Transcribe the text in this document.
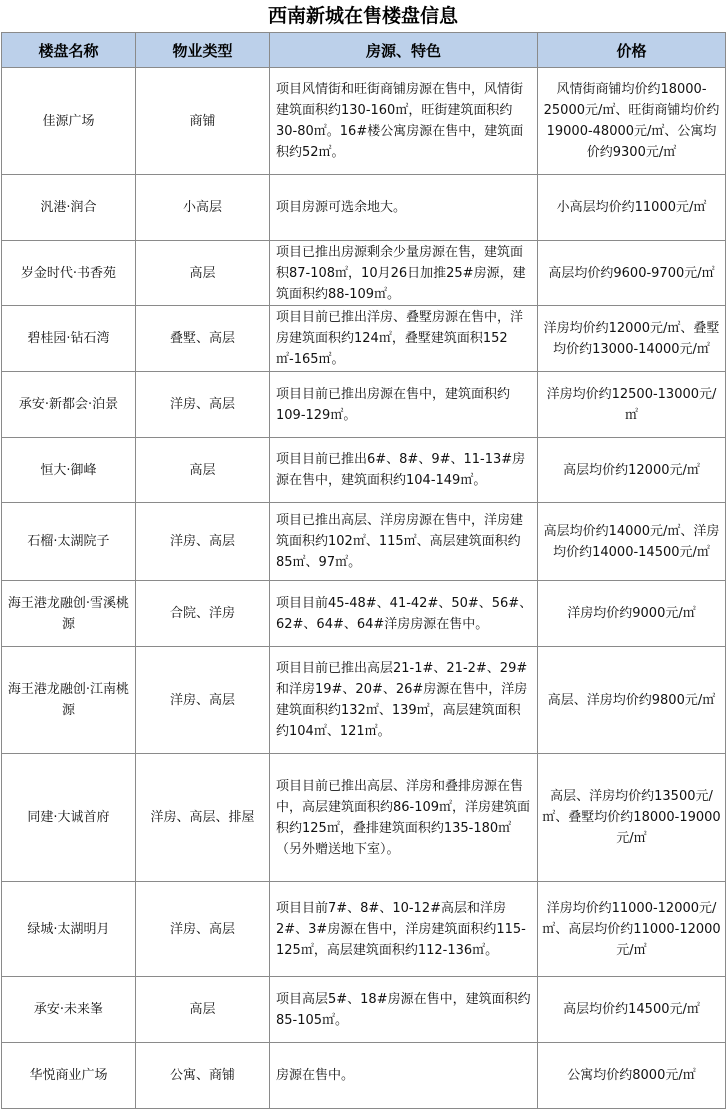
西南新城在售楼盘信息
楼盘名称	物业类型	房源、特色	价格
佳源广场	商铺	项目风情街和旺街商铺房源在售中，风情街建筑面积约130-160㎡，旺街建筑面积约30-80㎡。16#楼公寓房源在售中，建筑面积约52㎡。	风情街商铺均价约18000-25000元/㎡、旺街商铺均价约19000-48000元/㎡、公寓均价约9300元/㎡
汎港·润合	小高层	项目房源可选余地大。	小高层均价约11000元/㎡
岁金时代·书香苑	高层	项目已推出房源剩余少量房源在售，建筑面积87-108㎡，10月26日加推25#房源，建筑面积约88-109㎡。	高层均价约9600-9700元/㎡
碧桂园·钻石湾	叠墅、高层	项目目前已推出洋房、叠墅房源在售中，洋房建筑面积约124㎡，叠墅建筑面积152㎡-165㎡。	洋房均价约12000元/㎡、叠墅均价约13000-14000元/㎡
承安·新都会·泊景	洋房、高层	项目目前已推出房源在售中，建筑面积约109-129㎡。	洋房均价约12500-13000元/㎡
恒大·御峰	高层	项目目前已推出6#、8#、9#、11-13#房源在售中，建筑面积约104-149㎡。	高层均价约12000元/㎡
石榴·太湖院子	洋房、高层	项目已推出高层、洋房房源在售中，洋房建筑面积约102㎡、115㎡、高层建筑面积约85㎡、97㎡。	高层均价约14000元/㎡、洋房均价约14000-14500元/㎡
海王港龙融创·雪溪桃源	合院、洋房	项目目前45-48#、41-42#、50#、56#、62#、64#、64#洋房房源在售中。	洋房均价约9000元/㎡
海王港龙融创·江南桃源	洋房、高层	项目目前已推出高层21-1#、21-2#、29#和洋房19#、20#、26#房源在售中，洋房建筑面积约132㎡、139㎡，高层建筑面积约104㎡、121㎡。	高层、洋房均价约9800元/㎡
同建·大诚首府	洋房、高层、排屋	项目目前已推出高层、洋房和叠排房源在售中，高层建筑面积约86-109㎡，洋房建筑面积约125㎡，叠排建筑面积约135-180㎡（另外赠送地下室）。	高层、洋房均价约13500元/㎡、叠墅均价约18000-19000元/㎡
绿城·太湖明月	洋房、高层	项目目前7#、8#、10-12#高层和洋房2#、3#房源在售中，洋房建筑面积约115-125㎡，高层建筑面积约112-136㎡。	洋房均价约11000-12000元/㎡、高层均价约11000-12000元/㎡
承安·未来峯	高层	项目高层5#、18#房源在售中，建筑面积约85-105㎡。	高层均价约14500元/㎡
华悦商业广场	公寓、商铺	房源在售中。	公寓均价约8000元/㎡
